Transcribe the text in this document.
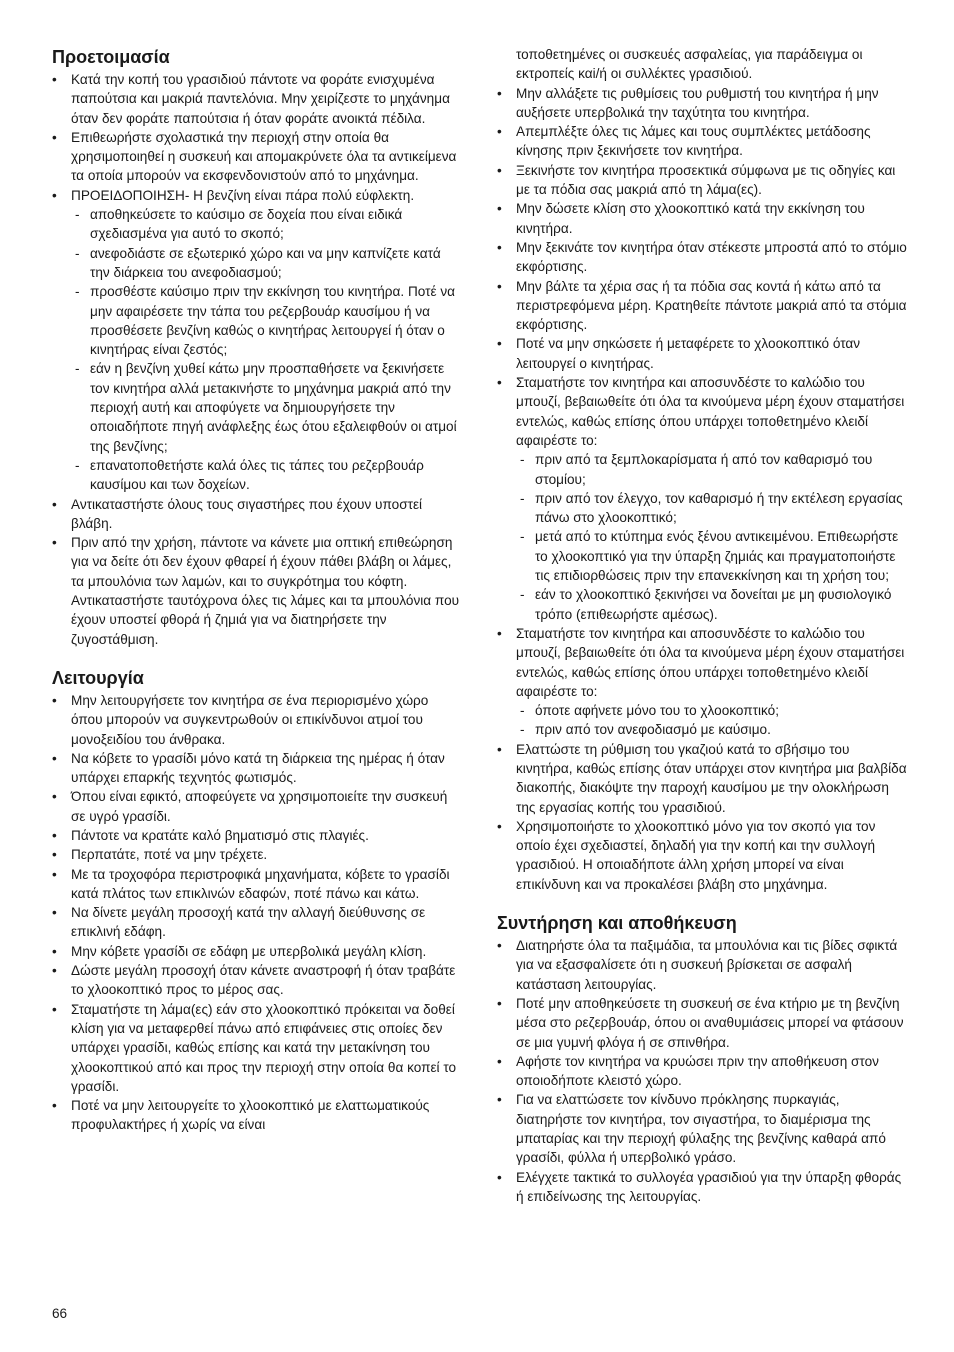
Προετοιμασία
• Κατά την κοπή του γρασιδιού πάντοτε να φοράτε ενισχυμένα παπούτσια και μακριά παντελόνια. Μην χειρίζεστε το μηχάνημα όταν δεν φοράτε παπούτσια ή όταν φοράτε ανοικτά πέδιλα.
• Επιθεωρήστε σχολαστικά την περιοχή στην οποία θα χρησιμοποιηθεί η συσκευή και απομακρύνετε όλα τα αντικείμενα τα οποία μπορούν να εκσφενδονιστούν από το μηχάνημα.
• ΠΡΟΕΙΔΟΠΟΙΗΣΗ- Η βενζίνη είναι πάρα πολύ εύφλεκτη.
- αποθηκεύσετε το καύσιμο σε δοχεία που είναι ειδικά σχεδιασμένα για αυτό το σκοπό;
- ανεφοδιάστε σε εξωτερικό χώρο και να μην καπνίζετε κατά την διάρκεια του ανεφοδιασμού;
- προσθέστε καύσιμο πριν την εκκίνηση του κινητήρα. Ποτέ να μην αφαιρέσετε την τάπα του ρεζερβουάρ καυσίμου ή να προσθέσετε βενζίνη καθώς ο κινητήρας λειτουργεί ή όταν ο κινητήρας είναι ζεστός;
- εάν η βενζίνη χυθεί κάτω μην προσπαθήσετε να ξεκινήσετε τον κινητήρα αλλά μετακινήστε το μηχάνημα μακριά από την περιοχή αυτή και αποφύγετε να δημιουργήσετε την οποιαδήποτε πηγή ανάφλεξης έως ότου εξαλειφθούν οι ατμοί της βενζίνης;
- επανατοποθετήστε καλά όλες τις τάπες του ρεζερβουάρ καυσίμου και των δοχείων.
• Αντικαταστήστε όλους τους σιγαστήρες που έχουν υποστεί βλάβη.
• Πριν από την χρήση, πάντοτε να κάνετε μια οπτική επιθεώρηση για να δείτε ότι δεν έχουν φθαρεί ή έχουν πάθει βλάβη οι λάμες, τα μπουλόνια των λαμών, και το συγκρότημα του κόφτη. Αντικαταστήστε ταυτόχρονα όλες τις λάμες και τα μπουλόνια που έχουν υποστεί φθορά ή ζημιά για να διατηρήσετε την ζυγοστάθμιση.
Λειτουργία
• Μην λειτουργήσετε τον κινητήρα σε ένα περιορισμένο χώρο όπου μπορούν να συγκεντρωθούν οι επικίνδυνοι ατμοί του μονοξειδίου του άνθρακα.
• Να κόβετε το γρασίδι μόνο κατά τη διάρκεια της ημέρας ή όταν υπάρχει επαρκής τεχνητός φωτισμός.
• Όπου είναι εφικτό, αποφεύγετε να χρησιμοποιείτε την συσκευή σε υγρό γρασίδι.
• Πάντοτε να κρατάτε καλό βηματισμό στις πλαγιές.
• Περπατάτε, ποτέ να μην τρέχετε.
• Με τα τροχοφόρα περιστροφικά μηχανήματα, κόβετε το γρασίδι κατά πλάτος των επικλινών εδαφών, ποτέ πάνω και κάτω.
• Να δίνετε μεγάλη προσοχή κατά την αλλαγή διεύθυνσης σε επικλινή εδάφη.
• Μην κόβετε γρασίδι σε εδάφη με υπερβολικά μεγάλη κλίση.
• Δώστε μεγάλη προσοχή όταν κάνετε αναστροφή ή όταν τραβάτε το χλοοκοπτικό προς το μέρος σας.
• Σταματήστε τη λάμα(ες) εάν στο χλοοκοπτικό πρόκειται να δοθεί κλίση για να μεταφερθεί πάνω από επιφάνειες στις οποίες δεν υπάρχει γρασίδι, καθώς επίσης και κατά την μετακίνηση του χλοοκοπτικού από και προς την περιοχή στην οποία θα κοπεί το γρασίδι.
• Ποτέ να μην λειτουργείτε το χλοοκοπτικό με ελαττωματικούς προφυλακτήρες ή χωρίς να είναι
τοποθετημένες οι συσκευές ασφαλείας, για παράδειγμα οι εκτροπείς καi/ή οι συλλέκτες γρασιδιού.
• Μην αλλάξετε τις ρυθμίσεις του ρυθμιστή του κινητήρα ή μην αυξήσετε υπερβολικά την ταχύτητα του κινητήρα.
• Απεμπλέξτε όλες τις λάμες και τους συμπλέκτες μετάδοσης κίνησης πριν ξεκινήσετε τον κινητήρα.
• Ξεκινήστε τον κινητήρα προσεκτικά σύμφωνα με τις οδηγίες και με τα πόδια σας μακριά από τη λάμα(ες).
• Μην δώσετε κλίση στο χλοοκοπτικό κατά την εκκίνηση του κινητήρα.
• Μην ξεκινάτε τον κινητήρα όταν στέκεστε μπροστά από το στόμιο εκφόρτισης.
• Μην βάλτε τα χέρια σας ή τα πόδια σας κοντά ή κάτω από τα περιστρεφόμενα μέρη. Κρατηθείτε πάντοτε μακριά από τα στόμια εκφόρτισης.
• Ποτέ να μην σηκώσετε ή μεταφέρετε το χλοοκοπτικό όταν λειτουργεί ο κινητήρας.
• Σταματήστε τον κινητήρα και αποσυνδέστε το καλώδιο του μπουζί, βεβαιωθείτε ότι όλα τα κινούμενα μέρη έχουν σταματήσει εντελώς, καθώς επίσης όπου υπάρχει τοποθετημένο κλειδί αφαιρέστε το:
- πριν από τα ξεμπλοκαρίσματα ή από τον καθαρισμό του στομίου;
- πριν από τον έλεγχο, τον καθαρισμό ή την εκτέλεση εργασίας πάνω στο χλοοκοπτικό;
- μετά από το κτύπημα ενός ξένου αντικειμένου. Επιθεωρήστε το χλοοκοπτικό για την ύπαρξη ζημιάς και πραγματοποιήστε τις επιδιορθώσεις πριν την επανεκκίνηση και τη χρήση του;
- εάν το χλοοκοπτικό ξεκινήσει να δονείται με μη φυσιολογικό τρόπο (επιθεωρήστε αμέσως).
• Σταματήστε τον κινητήρα και αποσυνδέστε το καλώδιο του μπουζί, βεβαιωθείτε ότι όλα τα κινούμενα μέρη έχουν σταματήσει εντελώς, καθώς επίσης όπου υπάρχει τοποθετημένο κλειδί αφαιρέστε το:
- όποτε αφήνετε μόνο του το χλοοκοπτικό;
- πριν από τον ανεφοδιασμό με καύσιμο.
• Ελαττώστε τη ρύθμιση του γκαζιού κατά το σβήσιμο του κινητήρα, καθώς επίσης όταν υπάρχει στον κινητήρα μια βαλβίδα διακοπής, διακόψτε την παροχή καυσίμου με την ολοκλήρωση της εργασίας κοπής του γρασιδιού.
• Χρησιμοποιήστε το χλοοκοπτικό μόνο για τον σκοπό για τον οποίο έχει σχεδιαστεί, δηλαδή για την κοπή και την συλλογή γρασιδιού. Η οποιαδήποτε άλλη χρήση μπορεί να είναι επικίνδυνη και να προκαλέσει βλάβη στο μηχάνημα.
Συντήρηση και αποθήκευση
• Διατηρήστε όλα τα παξιμάδια, τα μπουλόνια και τις βίδες σφικτά για να εξασφαλίσετε ότι η συσκευή βρίσκεται σε ασφαλή κατάσταση λειτουργίας.
• Ποτέ μην αποθηκεύσετε τη συσκευή σε ένα κτήριο με τη βενζίνη μέσα στο ρεζερβουάρ, όπου οι αναθυμιάσεις μπορεί να φτάσουν σε μια γυμνή φλόγα ή σε σπινθήρα.
• Αφήστε τον κινητήρα να κρυώσει πριν την αποθήκευση στον οποιοδήποτε κλειστό χώρο.
• Για να ελαττώσετε τον κίνδυνο πρόκλησης πυρκαγιάς, διατηρήστε τον κινητήρα, τον σιγαστήρα, το διαμέρισμα της μπαταρίας και την περιοχή φύλαξης της βενζίνης καθαρά από γρασίδι, φύλλα ή υπερβολικό γράσο.
• Ελέγχετε τακτικά το συλλογέα γρασιδιού για την ύπαρξη φθοράς ή επιδείνωσης της λειτουργίας.
66
